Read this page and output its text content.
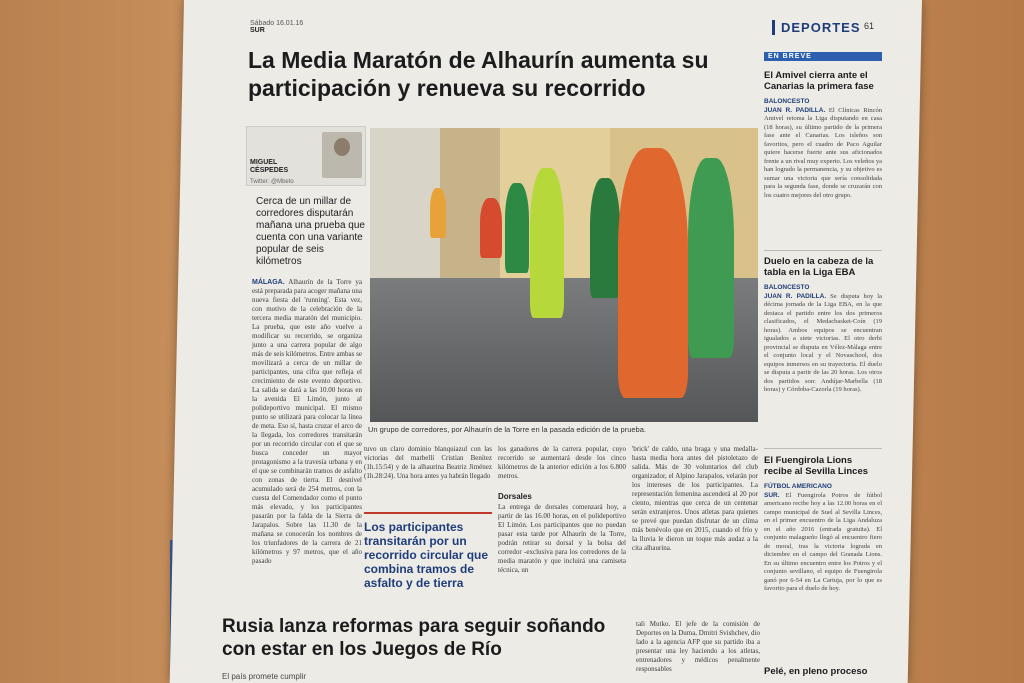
Sábado 16.01.16
SUR	DEPORTES 61
La Media Maratón de Alhaurín aumenta su participación y renueva su recorrido
MIGUEL CÉSPEDES
Twitter: @Mbeto
Cerca de un millar de corredores disputarán mañana una prueba que cuenta con una variante popular de seis kilómetros
Un grupo de corredores, por Alhaurín de la Torre en la pasada edición de la prueba.
MÁLAGA. Alhaurín de la Torre ya está preparada para acoger mañana una nueva fiesta del 'running'. Esta vez, con motivo de la celebración de la tercera media maratón del municipio. La prueba, que este año vuelve a modificar su recorrido, se organiza junto a una carrera popular de algo más de seis kilómetros. Entre ambas se movilizará a cerca de un millar de participantes, una cifra que refleja el crecimiento de este evento deportivo. La salida se dará a las 10.00 horas en la avenida El Limón, junto al polideportivo municipal. El mismo punto se utilizará para colocar la línea de meta. Eso sí, hasta cruzar el arco de la llegada, los corredores transitarán por un recorrido circular con el que se busca conceder un mayor protagonismo a la travesía urbana y en el que se combinarán tramos de asfalto con zonas de tierra. El desnivel acumulado será de 254 metros, con la cuesta del Comendador como el punto más elevado, y los participantes pasarán por la falda de la Sierra de Jarapalos. Sobre las 11.30 de la mañana se conocerán los nombres de los triunfadores de la carrera de 21 kilómetros y 97 metros, que el año pasado
tuvo un claro dominio blanquiazul con las victorias del marbellí Cristian Benítez (1h.15:54) y de la alhaurina Beatriz Jiménez (1h.28:24). Una hora antes ya habrán llegado
Los participantes transitarán por un recorrido circular que combina tramos de asfalto y de tierra
los ganadores de la carrera popular, cuyo recorrido se aumentará desde los cinco kilómetros de la anterior edición a los 6.800 metros.
Dorsales
La entrega de dorsales comenzará hoy, a partir de las 16.00 horas, en el polideportivo El Limón. Los participantes que no puedan pasar esta tarde por Alhaurín de la Torre, podrán retirar su dorsal y la bolsa del corredor -exclusiva para los corredores de la media maratón y que incluirá una camiseta técnica, un
'brick' de caldo, una braga y una medalla- hasta media hora antes del pistoletazo de salida. Más de 30 voluntarios del club organizador, el Alpino Jarapalos, velarán por los intereses de los participantes. La representación femenina ascenderá al 20 por ciento, mientras que cerca de un centenar serán extranjeros. Unos atletas para quienes se prevé que puedan disfrutar de un clima más benévolo que en 2015, cuando el frío y la lluvia le dieron un toque más audaz a la cita alhaurina.
Rusia lanza reformas para seguir soñando con estar en los Juegos de Río
El país promete cumplir
tali Mutko. El jefe de la comisión de Deportes en la Duma, Dmitri Svishchev, dio lado a la agencia AFP que su partido iba a presentar una ley haciendo a los atletas, entrenadores y médicos penalmente responsables
EN BREVE
El Amivel cierra ante el Canarias la primera fase
BALONCESTO
JUAN R. PADILLA. El Clínicas Rincón Amivel retoma la Liga disputando en casa (18 horas), su último partido de la primera fase ante el Canarias. Los isleños son favoritos, pero el cuadro de Paco Aguilar quiere hacerse fuerte ante sus aficionados frente a un rival muy experto. Los veleños ya han logrado la permanencia, y su objetivo es sumar una victoria que sería consolidada para la segunda fase, donde se cruzarán con los cuatro mejores del otro grupo.
Duelo en la cabeza de la tabla en la Liga EBA
BALONCESTO
JUAN R. PADILLA. Se disputa hoy la décima jornada de la Liga EBA, en la que destaca el partido entre los dos primeros clasificados, el Medacbasket-Coín (19 horas). Ambos equipos se encuentran igualados a siete victorias. El otro derbi provincial se disputa en Vélez-Málaga entre el conjunto local y el Novaschool, dos equipos inmersos en su trayectoria. El duelo se disputa a partir de las 20 horas. Los otros dos partidos son: Andújar-Marbella (18 horas) y Córdoba-Cazorla (19 horas).
El Fuengirola Lions recibe al Sevilla Linces
FÚTBOL AMERICANO
SUR. El Fuengirola Potros de fútbol americano recibe hoy a las 12.00 horas en el campo municipal de Suel al Sevilla Linces, en el primer encuentro de la Liga Andaluza en el año 2016 (entrada gratuita). El conjunto malagueño llegó al encuentro fiero de moral, tras la victoria lograda en diciembre en el campo del Granada Lions. En su último encuentro entre los Potros y el conjunto sevillano, el equipo de Fuengirola ganó por 6-54 en La Cartuja, por lo que es favorito para el duelo de hoy.
Pelé, en pleno proceso
